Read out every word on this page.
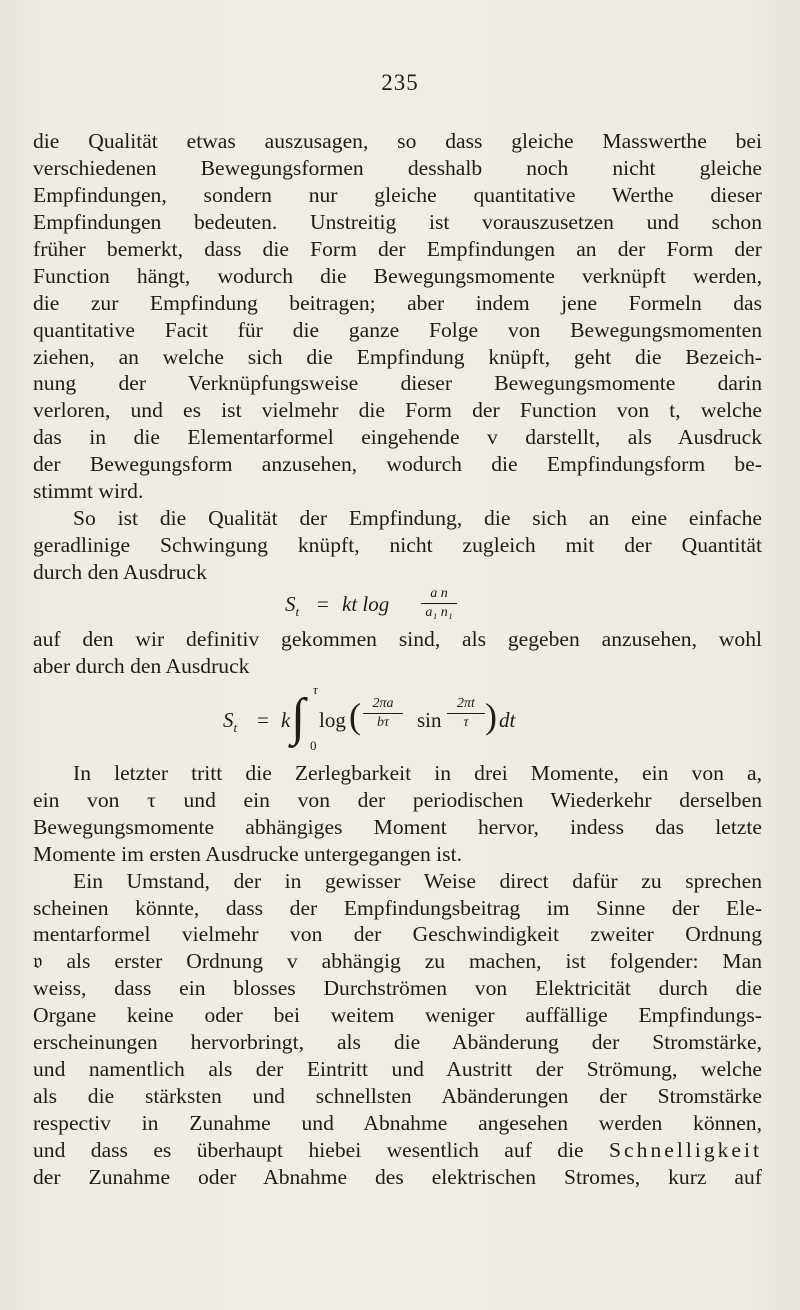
235
die Qualität etwas auszusagen, so dass gleiche Masswerthe bei
verschiedenen Bewegungsformen desshalb noch nicht gleiche
Empfindungen, sondern nur gleiche quantitative Werthe dieser
Empfindungen bedeuten. Unstreitig ist vorauszusetzen und schon
früher bemerkt, dass die Form der Empfindungen an der Form der
Function hängt, wodurch die Bewegungsmomente verknüpft werden,
die zur Empfindung beitragen; aber indem jene Formeln das
quantitative Facit für die ganze Folge von Bewegungsmomenten
ziehen, an welche sich die Empfindung knüpft, geht die Bezeich-
nung der Verknüpfungsweise dieser Bewegungsmomente darin
verloren, und es ist vielmehr die Form der Function von t, welche
das in die Elementarformel eingehende v darstellt, als Ausdruck
der Bewegungsform anzusehen, wodurch die Empfindungsform be-
stimmt wird.
So ist die Qualität der Empfindung, die sich an eine einfache
geradlinige Schwingung knüpft, nicht zugleich mit der Quantität
durch den Ausdruck
$S_t$ = kt log	a n
a₁ n₁
auf den wir definitiv gekommen sind, als gegeben anzusehen, wohl
aber durch den Ausdruck
$S_t = k$ ∫ τ
0
log ( 2πa
bτ	sin
2πt
τ ) dt
In letzter tritt die Zerlegbarkeit in drei Momente, ein von a,
ein von τ und ein von der periodischen Wiederkehr derselben
Bewegungsmomente abhängiges Moment hervor, indess das letzte
Momente im ersten Ausdrucke untergegangen ist.
Ein Umstand, der in gewisser Weise direct dafür zu sprechen
scheinen könnte, dass der Empfindungsbeitrag im Sinne der Ele-
mentarformel vielmehr von der Geschwindigkeit zweiter Ordnung
𝔳 als erster Ordnung v abhängig zu machen, ist folgender: Man
weiss, dass ein blosses Durchströmen von Elektricität durch die
Organe keine oder bei weitem weniger auffällige Empfindungs-
erscheinungen hervorbringt, als die Abänderung der Stromstärke,
und namentlich als der Eintritt und Austritt der Strömung, welche
als die stärksten und schnellsten Abänderungen der Stromstärke
respectiv in Zunahme und Abnahme angesehen werden können,
und dass es überhaupt hiebei wesentlich auf die Schnelligkeit
der Zunahme oder Abnahme des elektrischen Stromes, kurz auf
